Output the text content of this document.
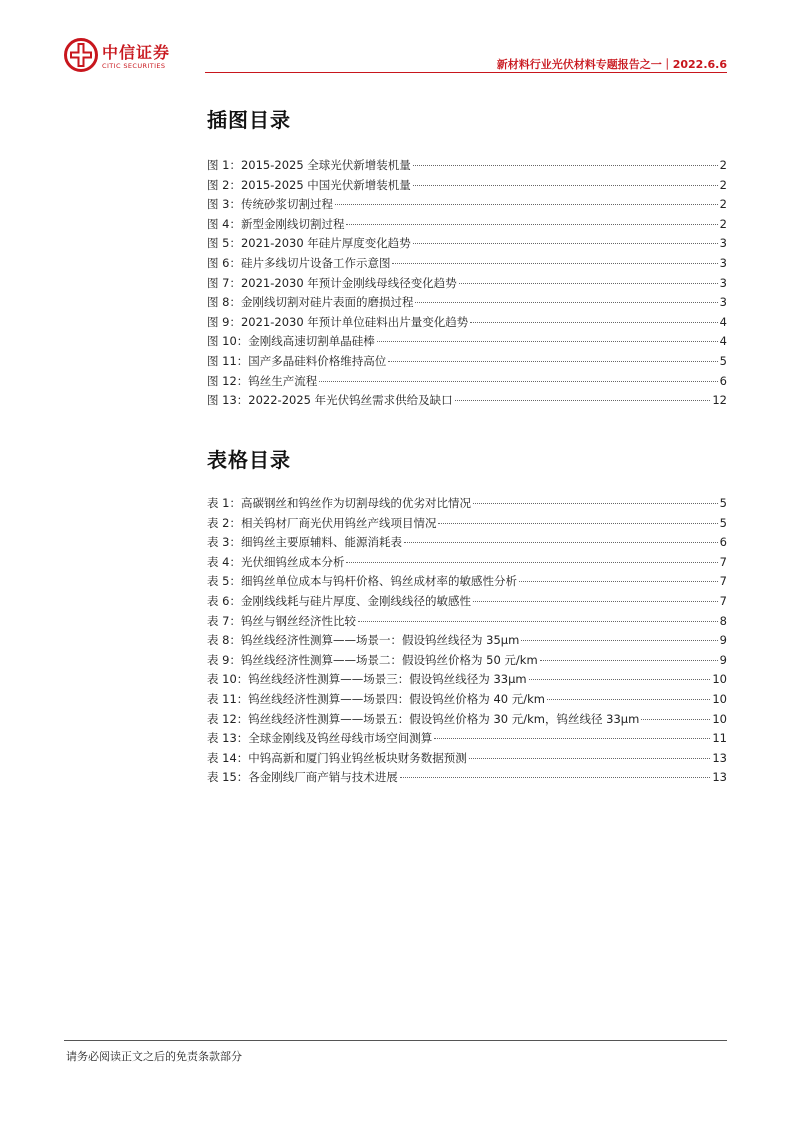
中信证券
CITIC SECURITIES	新材料行业光伏材料专题报告之一｜2022.6.6
插图目录
图 1：2015-2025 全球光伏新增装机量	2
图 2：2015-2025 中国光伏新增装机量	2
图 3：传统砂浆切割过程	2
图 4：新型金刚线切割过程	2
图 5：2021-2030 年硅片厚度变化趋势	3
图 6：硅片多线切片设备工作示意图	3
图 7：2021-2030 年预计金刚线母线径变化趋势	3
图 8：金刚线切割对硅片表面的磨损过程	3
图 9：2021-2030 年预计单位硅料出片量变化趋势	4
图 10：金刚线高速切割单晶硅棒	4
图 11：国产多晶硅料价格维持高位	5
图 12：钨丝生产流程	6
图 13：2022-2025 年光伏钨丝需求供给及缺口	12
表格目录
表 1：高碳钢丝和钨丝作为切割母线的优劣对比情况	5
表 2：相关钨材厂商光伏用钨丝产线项目情况	5
表 3：细钨丝主要原辅料、能源消耗表	6
表 4：光伏细钨丝成本分析	7
表 5：细钨丝单位成本与钨杆价格、钨丝成材率的敏感性分析	7
表 6：金刚线线耗与硅片厚度、金刚线线径的敏感性	7
表 7：钨丝与钢丝经济性比较	8
表 8：钨丝线经济性测算——场景一：假设钨丝线径为 35μm	9
表 9：钨丝线经济性测算——场景二：假设钨丝价格为 50 元/km	9
表 10：钨丝线经济性测算——场景三：假设钨丝线径为 33μm	10
表 11：钨丝线经济性测算——场景四：假设钨丝价格为 40 元/km	10
表 12：钨丝线经济性测算——场景五：假设钨丝价格为 30 元/km，钨丝线径 33μm	10
表 13：全球金刚线及钨丝母线市场空间测算	11
表 14：中钨高新和厦门钨业钨丝板块财务数据预测	13
表 15：各金刚线厂商产销与技术进展	13
请务必阅读正文之后的免责条款部分
